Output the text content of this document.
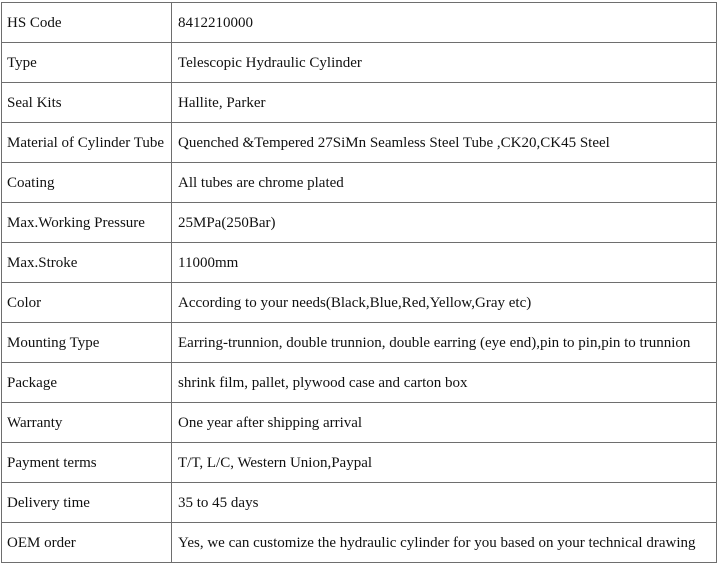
HS Code	8412210000
Type	Telescopic Hydraulic Cylinder
Seal Kits	Hallite, Parker
Material of Cylinder Tube	Quenched &Tempered 27SiMn Seamless Steel Tube ,CK20,CK45 Steel
Coating	All tubes are chrome plated
Max.Working Pressure	25MPa(250Bar)
Max.Stroke	11000mm
Color	According to your needs(Black,Blue,Red,Yellow,Gray etc)
Mounting Type	Earring-trunnion, double trunnion, double earring (eye end),pin to pin,pin to trunnion
Package	shrink film, pallet, plywood case and carton box
Warranty	One year after shipping arrival
Payment terms	T/T, L/C, Western Union,Paypal
Delivery time	35 to 45 days
OEM order	Yes, we can customize the hydraulic cylinder for you based on your technical drawing
